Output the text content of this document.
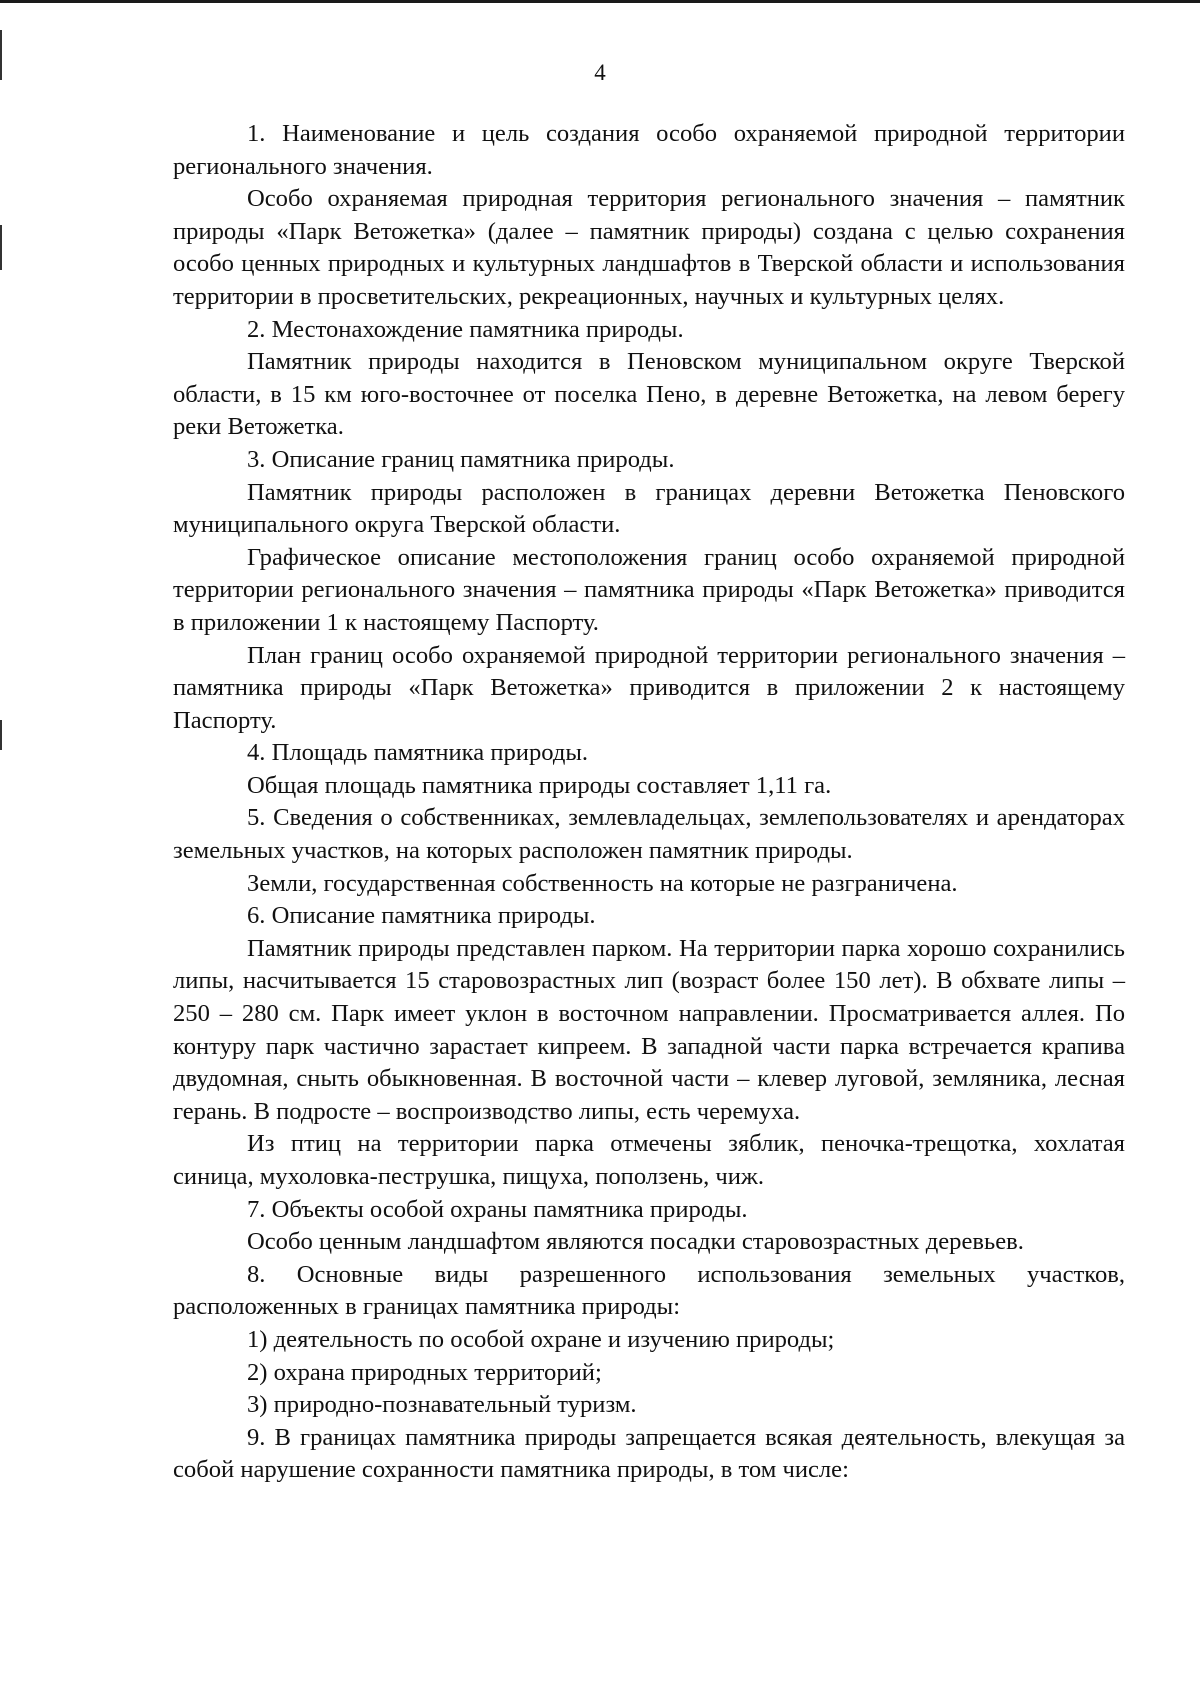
4

1. Наименование и цель создания особо охраняемой природной территории регионального значения.

Особо охраняемая природная территория регионального значения – памятник природы «Парк Ветожетка» (далее – памятник природы) создана с целью сохранения особо ценных природных и культурных ландшафтов в Тверской области и использования территории в просветительских, рекреационных, научных и культурных целях.

2. Местонахождение памятника природы.

Памятник природы находится в Пеновском муниципальном округе Тверской области, в 15 км юго-восточнее от поселка Пено, в деревне Ветожетка, на левом берегу реки Ветожетка.

3. Описание границ памятника природы.

Памятник природы расположен в границах деревни Ветожетка Пеновского муниципального округа Тверской области.

Графическое описание местоположения границ особо охраняемой природной территории регионального значения – памятника природы «Парк Ветожетка» приводится в приложении 1 к настоящему Паспорту.

План границ особо охраняемой природной территории регионального значения – памятника природы «Парк Ветожетка» приводится в приложении 2 к настоящему Паспорту.

4. Площадь памятника природы.

Общая площадь памятника природы составляет 1,11 га.

5. Сведения о собственниках, землевладельцах, землепользователях и арендаторах земельных участков, на которых расположен памятник природы.

Земли, государственная собственность на которые не разграничена.

6. Описание памятника природы.

Памятник природы представлен парком. На территории парка хорошо сохранились липы, насчитывается 15 старовозрастных лип (возраст более 150 лет). В обхвате липы – 250 – 280 см. Парк имеет уклон в восточном направлении. Просматривается аллея. По контуру парк частично зарастает кипреем. В западной части парка встречается крапива двудомная, сныть обыкновенная. В восточной части – клевер луговой, земляника, лесная герань. В подросте – воспроизводство липы, есть черемуха.

Из птиц на территории парка отмечены зяблик, пеночка-трещотка, хохлатая синица, мухоловка-пеструшка, пищуха, поползень, чиж.

7. Объекты особой охраны памятника природы.

Особо ценным ландшафтом являются посадки старовозрастных деревьев.

8. Основные виды разрешенного использования земельных участков, расположенных в границах памятника природы:

1) деятельность по особой охране и изучению природы;

2) охрана природных территорий;

3) природно-познавательный туризм.

9. В границах памятника природы запрещается всякая деятельность, влекущая за собой нарушение сохранности памятника природы, в том числе:
